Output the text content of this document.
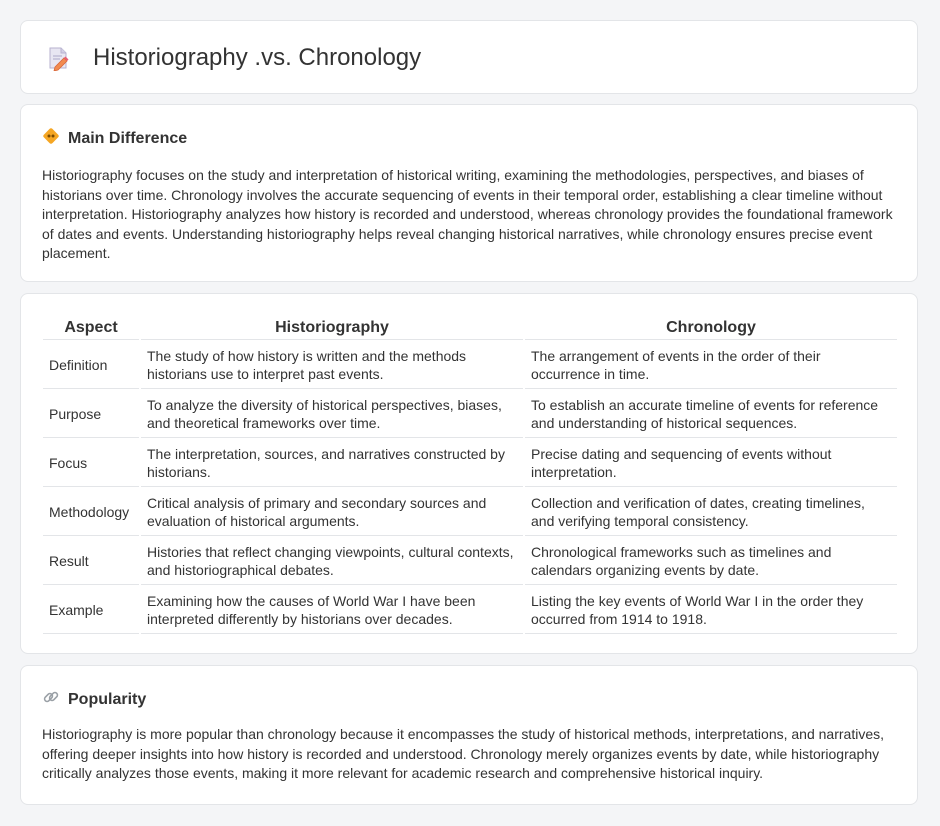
Historiography .vs. Chronology
Main Difference

Historiography focuses on the study and interpretation of historical writing, examining the methodologies, perspectives, and biases of historians over time. Chronology involves the accurate sequencing of events in their temporal order, establishing a clear timeline without interpretation. Historiography analyzes how history is recorded and understood, whereas chronology provides the foundational framework of dates and events. Understanding historiography helps reveal changing historical narratives, while chronology ensures precise event placement.

Aspect	Historiography	Chronology
Definition	The study of how history is written and the methods historians use to interpret past events.	The arrangement of events in the order of their occurrence in time.
Purpose	To analyze the diversity of historical perspectives, biases, and theoretical frameworks over time.	To establish an accurate timeline of events for reference and understanding of historical sequences.
Focus	The interpretation, sources, and narratives constructed by historians.	Precise dating and sequencing of events without interpretation.
Methodology	Critical analysis of primary and secondary sources and evaluation of historical arguments.	Collection and verification of dates, creating timelines, and verifying temporal consistency.
Result	Histories that reflect changing viewpoints, cultural contexts, and historiographical debates.	Chronological frameworks such as timelines and calendars organizing events by date.
Example	Examining how the causes of World War I have been interpreted differently by historians over decades.	Listing the key events of World War I in the order they occurred from 1914 to 1918.
Popularity

Historiography is more popular than chronology because it encompasses the study of historical methods, interpretations, and narratives, offering deeper insights into how history is recorded and understood. Chronology merely organizes events by date, while historiography critically analyzes those events, making it more relevant for academic research and comprehensive historical inquiry.
